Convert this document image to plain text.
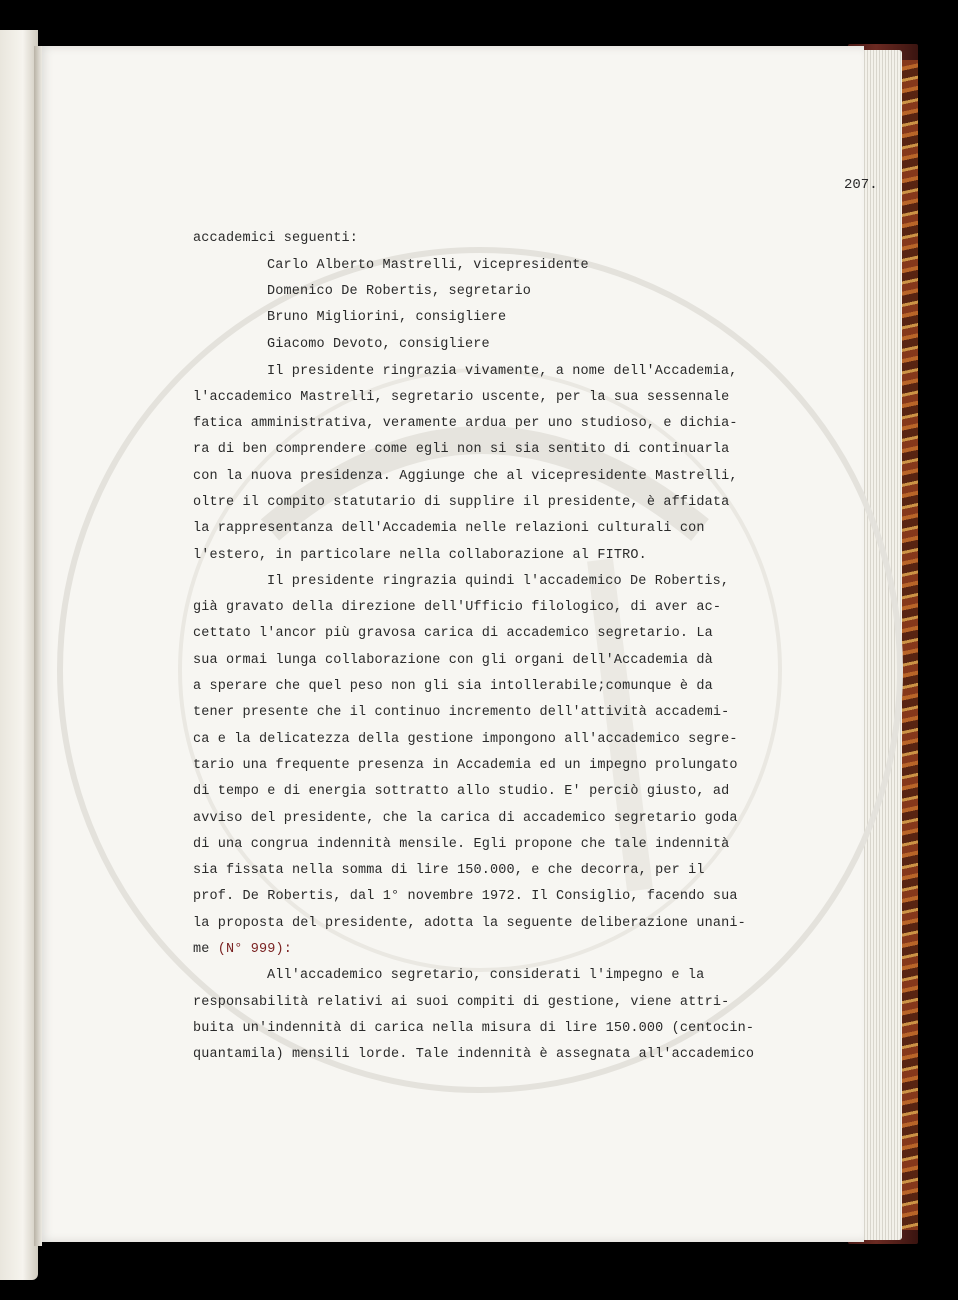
207.
accademici seguenti:
Carlo Alberto Mastrelli, vicepresidente
Domenico De Robertis, segretario
Bruno Migliorini, consigliere
Giacomo Devoto, consigliere
Il presidente ringrazia vivamente, a nome dell'Accademia,
l'accademico Mastrelli, segretario uscente, per la sua sessennale
fatica amministrativa, veramente ardua per uno studioso, e dichia-
ra di ben comprendere come egli non si sia sentito di continuarla
con la nuova presidenza. Aggiunge che al vicepresidente Mastrelli,
oltre il compito statutario di supplire il presidente, è affidata
la rappresentanza dell'Accademia nelle relazioni culturali con
l'estero, in particolare nella collaborazione al FITRO.
Il presidente ringrazia quindi l'accademico De Robertis,
già gravato della direzione dell'Ufficio filologico, di aver ac-
cettato l'ancor più gravosa carica di accademico segretario. La
sua ormai lunga collaborazione con gli organi dell'Accademia dà
a sperare che quel peso non gli sia intollerabile;comunque è da
tener presente che il continuo incremento dell'attività accademi-
ca e la delicatezza della gestione impongono all'accademico segre-
tario una frequente presenza in Accademia ed un impegno prolungato
di tempo e di energia sottratto allo studio. E' perciò giusto, ad
avviso del presidente, che la carica di accademico segretario goda
di una congrua indennità mensile. Egli propone che tale indennità
sia fissata nella somma di lire 150.000, e che decorra, per il
prof. De Robertis, dal 1° novembre 1972. Il Consiglio, facendo sua
la proposta del presidente, adotta la seguente deliberazione unani-
me (N° 999):
All'accademico segretario, considerati l'impegno e la
responsabilità relativi ai suoi compiti di gestione, viene attri-
buita un'indennità di carica nella misura di lire 150.000 (centocin-
quantamila) mensili lorde. Tale indennità è assegnata all'accademico
